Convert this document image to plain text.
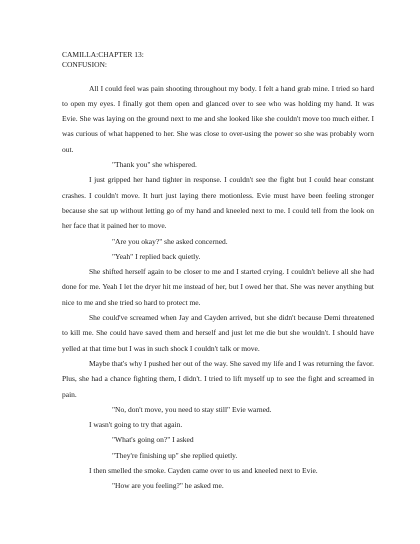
CAMILLA:CHAPTER 13:

CONFUSION:

All I could feel was pain shooting throughout my body. I felt a hand grab mine. I tried so hard to open my eyes. I finally got them open and glanced over to see who was holding my hand. It was Evie. She was laying on the ground next to me and she looked like she couldn't move too much either. I was curious of what happened to her. She was close to over-using the power so she was probably worn out.

"Thank you" she whispered.

I just gripped her hand tighter in response. I couldn't see the fight but I could hear constant crashes. I couldn't move. It hurt just laying there motionless. Evie must have been feeling stronger because she sat up without letting go of my hand and kneeled next to me. I could tell from the look on her face that it pained her to move.

"Are you okay?" she asked concerned.

"Yeah" I replied back quietly.

She shifted herself again to be closer to me and I started crying. I couldn't believe all she had done for me. Yeah I let the dryer hit me instead of her, but I owed her that. She was never anything but nice to me and she tried so hard to protect me.

She could've screamed when Jay and Cayden arrived, but she didn't because Demi threatened to kill me. She could have saved them and herself and just let me die but she wouldn't. I should have yelled at that time but I was in such shock I couldn't talk or move.

Maybe that's why I pushed her out of the way. She saved my life and I was returning the favor. Plus, she had a chance fighting them, I didn't. I tried to lift myself up to see the fight and screamed in pain.

"No, don't move, you need to stay still" Evie warned.

I wasn't going to try that again.

"What's going on?" I asked

"They're finishing up" she replied quietly.

I then smelled the smoke. Cayden came over to us and kneeled next to Evie.

"How are you feeling?" he asked me.
